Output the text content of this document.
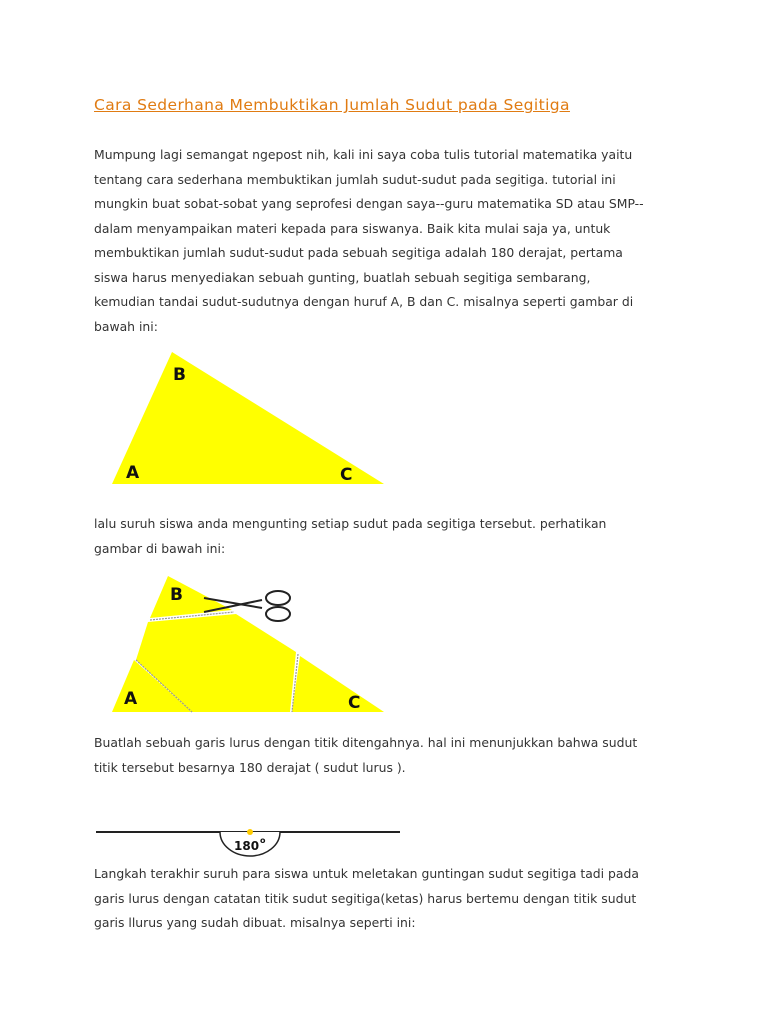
Cara Sederhana Membuktikan Jumlah Sudut pada Segitiga

Mumpung lagi semangat ngepost nih, kali ini saya coba tulis tutorial matematika yaitu
tentang cara sederhana membuktikan jumlah sudut-sudut pada segitiga. tutorial ini
mungkin buat sobat-sobat yang seprofesi dengan saya--guru matematika SD atau SMP--
dalam menyampaikan materi kepada para siswanya. Baik kita mulai saja ya, untuk
membuktikan jumlah sudut-sudut pada sebuah segitiga adalah 180 derajat, pertama
siswa harus menyediakan sebuah gunting, buatlah sebuah segitiga sembarang,
kemudian tandai sudut-sudutnya dengan huruf A, B dan C. misalnya seperti gambar di
bawah ini:

B
A	C

lalu suruh siswa anda mengunting setiap sudut pada segitiga tersebut. perhatikan
gambar di bawah ini:

B
A	C

Buatlah sebuah garis lurus dengan titik ditengahnya. hal ini menunjukkan bahwa sudut
titik tersebut besarnya 180 derajat ( sudut lurus ).

180 o

Langkah terakhir suruh para siswa untuk meletakan guntingan sudut segitiga tadi pada
garis lurus dengan catatan titik sudut segitiga(ketas) harus bertemu dengan titik sudut
garis llurus yang sudah dibuat. misalnya seperti ini:
